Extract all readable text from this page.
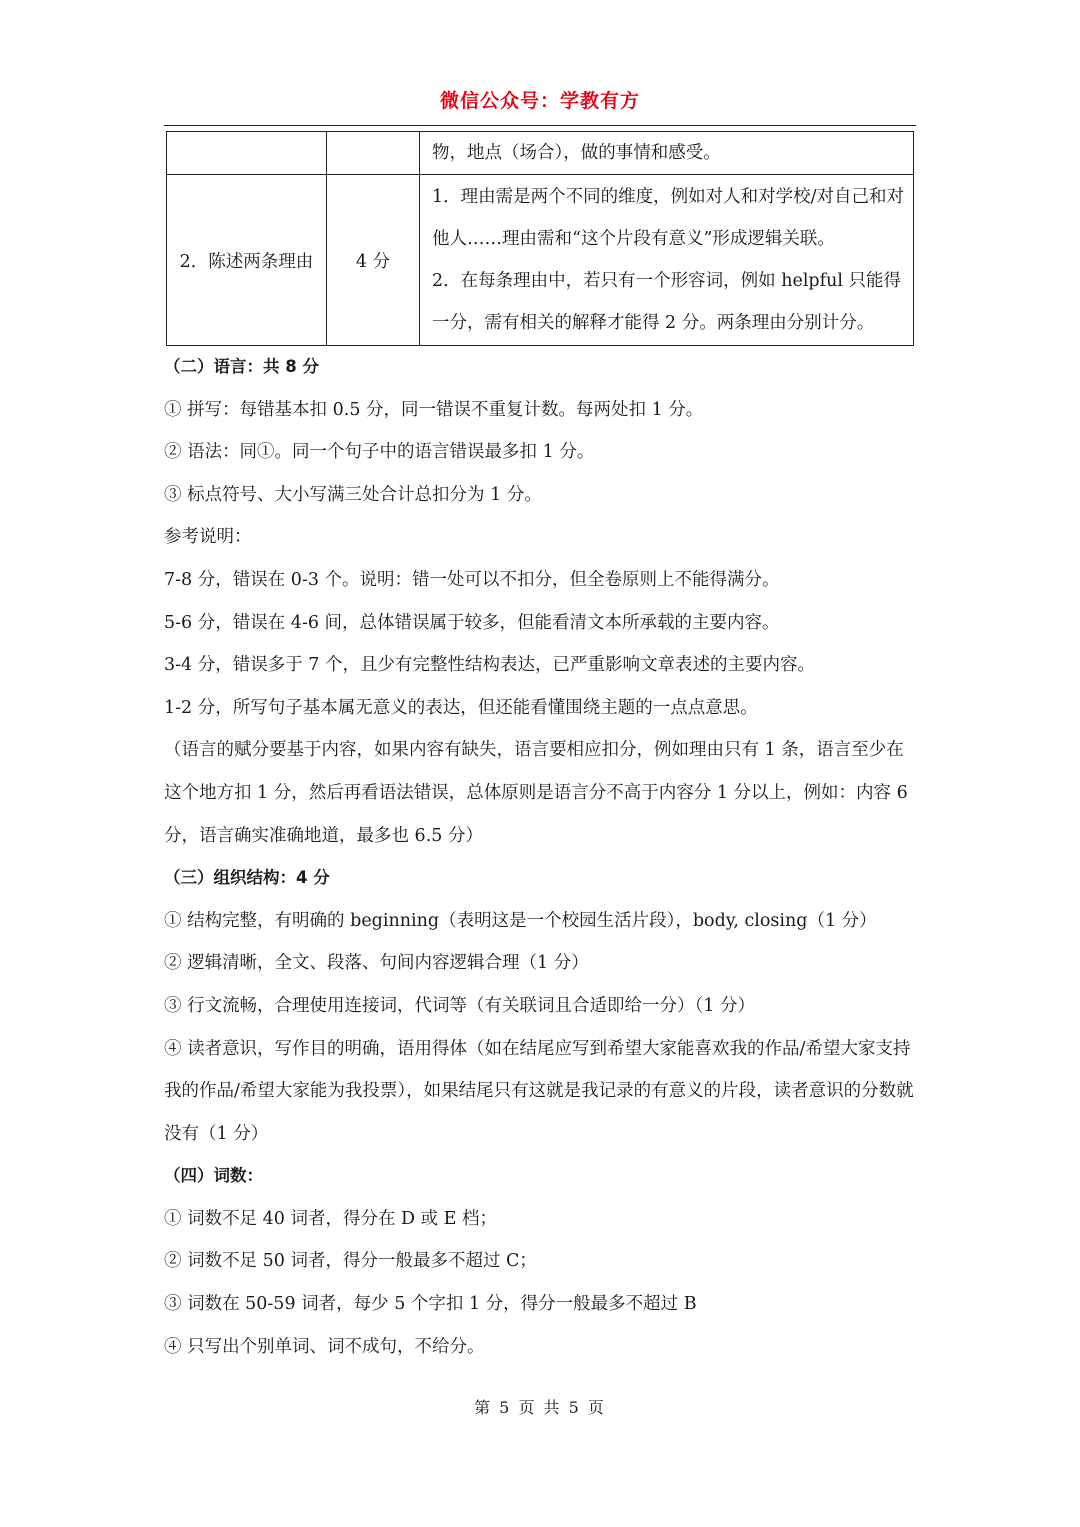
微信公众号：学教有方
		物，地点（场合），做的事情和感受。
2．陈述两条理由	4 分	1．理由需是两个不同的维度，例如对人和对学校/对自己和对他人……理由需和“这个片段有意义”形成逻辑关联。
2．在每条理由中，若只有一个形容词，例如 helpful 只能得一分，需有相关的解释才能得 2 分。两条理由分别计分。
（二）语言：共 8 分
① 拼写：每错基本扣 0.5 分，同一错误不重复计数。每两处扣 1 分。
② 语法：同①。同一个句子中的语言错误最多扣 1 分。
③ 标点符号、大小写满三处合计总扣分为 1 分。
参考说明：
7-8 分，错误在 0-3 个。说明：错一处可以不扣分，但全卷原则上不能得满分。
5-6 分，错误在 4-6 间，总体错误属于较多，但能看清文本所承载的主要内容。
3-4 分，错误多于 7 个，且少有完整性结构表达，已严重影响文章表述的主要内容。
1-2 分，所写句子基本属无意义的表达，但还能看懂围绕主题的一点点意思。
（语言的赋分要基于内容，如果内容有缺失，语言要相应扣分，例如理由只有 1 条，语言至少在这个地方扣 1 分，然后再看语法错误，总体原则是语言分不高于内容分 1 分以上，例如：内容 6 分，语言确实准确地道，最多也 6.5 分）
（三）组织结构：4 分
① 结构完整，有明确的 beginning（表明这是一个校园生活片段），body, closing（1 分）
② 逻辑清晰，全文、段落、句间内容逻辑合理（1 分）
③ 行文流畅，合理使用连接词，代词等（有关联词且合适即给一分）（1 分）
④ 读者意识，写作目的明确，语用得体（如在结尾应写到希望大家能喜欢我的作品/希望大家支持我的作品/希望大家能为我投票），如果结尾只有这就是我记录的有意义的片段，读者意识的分数就没有（1 分）
（四）词数：
① 词数不足 40 词者，得分在 D 或 E 档；
② 词数不足 50 词者，得分一般最多不超过 C；
③ 词数在 50-59 词者，每少 5 个字扣 1 分，得分一般最多不超过 B
④ 只写出个别单词、词不成句，不给分。
第 5 页 共 5 页
